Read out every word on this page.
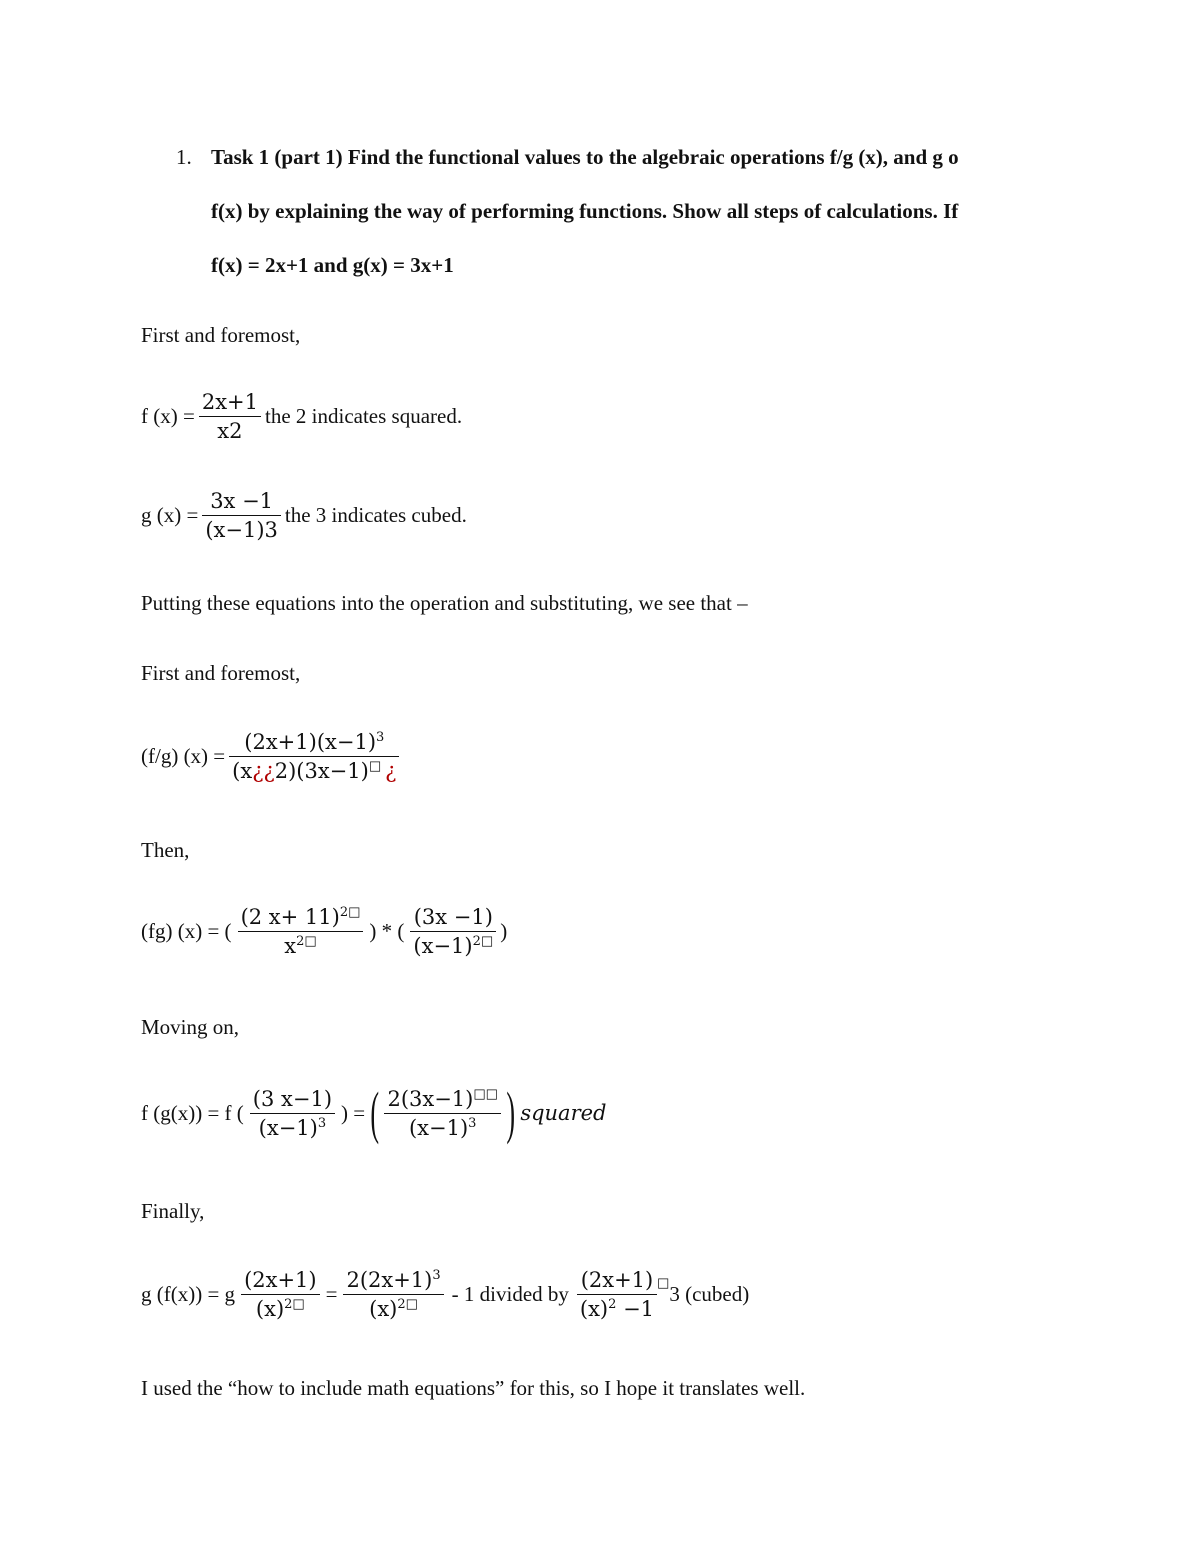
1. Task 1 (part 1) Find the functional values to the algebraic operations f/g (x), and g o
f(x) by explaining the way of performing functions. Show all steps of calculations. If
f(x) = 2x+1 and g(x) = 3x+1
First and foremost,
f $(x) = \frac{2x+1}{x2}$ the 2 indicates squared.
g $(x) = \frac{3x -1}{(x-1)3}$ the 3 indicates cubed.
Putting these equations into the operation and substituting, we see that –
First and foremost,
(f/g) $(x) = \frac{(2x+1)(x-1)^3}{(x¿¿2)(3x-1)^□ ¿}$
Then,
(fg) (x) = ( $\frac{(2 x+ 11)^{2□}}{x^{2□}}$ ) * ( $\frac{(3x -1)}{(x-1)^{2□}}$ )
Moving on,
f (g(x)) = f ( $\frac{(3 x-1)}{(x-1)^3}$ ) = ( $\frac{2(3x-1)^{□□}}{(x-1)^3}$ ) squared
Finally,
g (f(x)) = g $\frac{(2x+1)}{(x)^{2□}} = \frac{2(2x+1)^3}{(x)^{2□}} - 1$ divided by $\frac{(2x+1)}{(x)^2 -1}^□$ 3 (cubed)
I used the “how to include math equations” for this, so I hope it translates well.
